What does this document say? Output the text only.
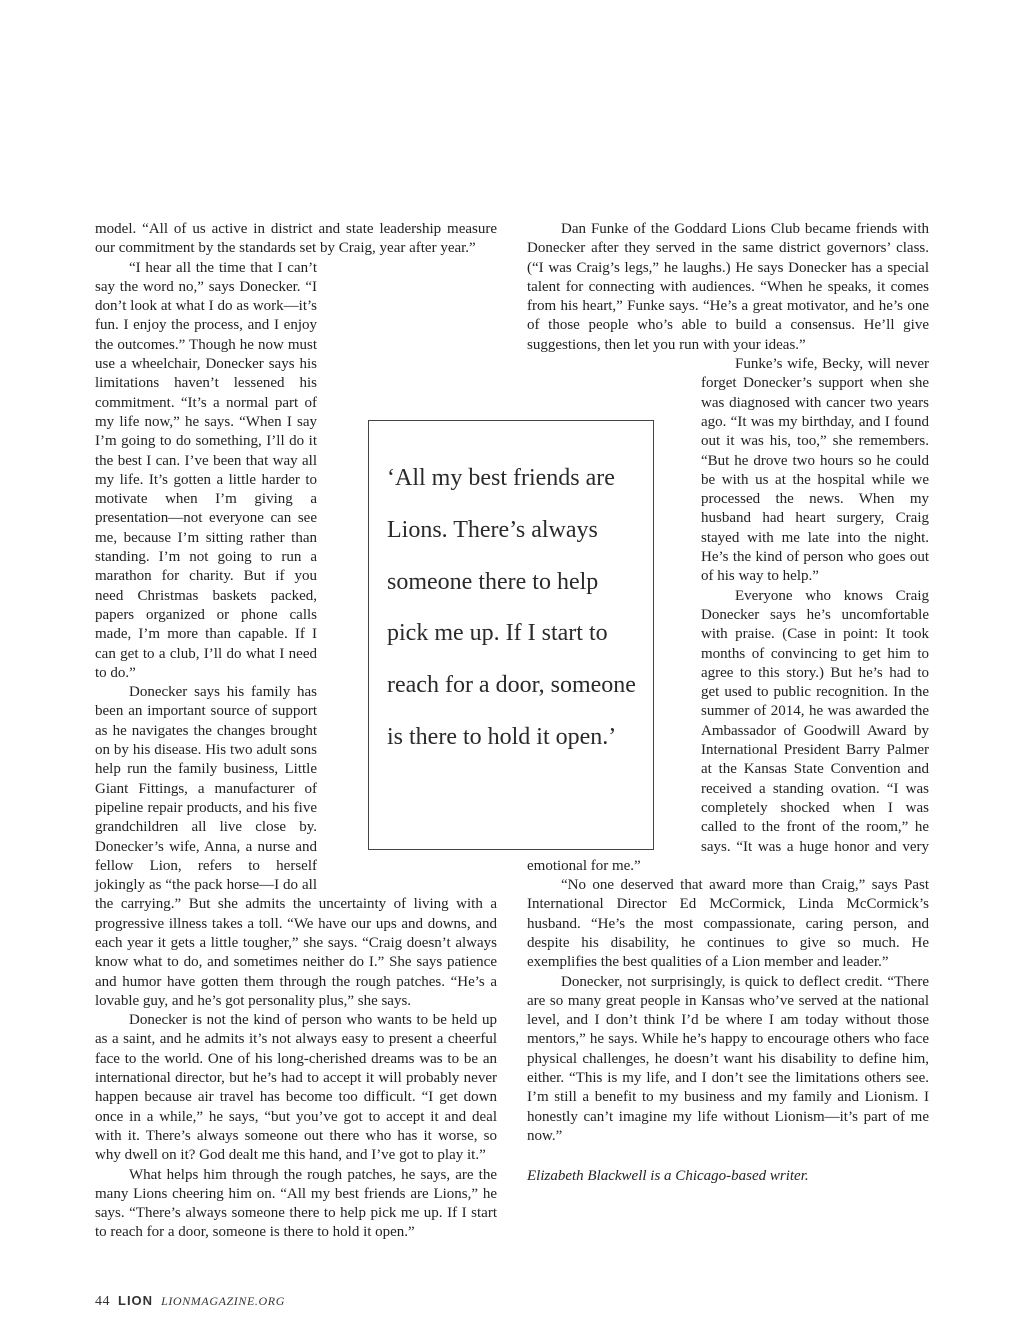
model. “All of us active in district and state leadership measure our commitment by the standards set by Craig, year after year.”

“I hear all the time that I can’t say the word no,” says Donecker. “I don’t look at what I do as work—it’s fun. I enjoy the process, and I enjoy the outcomes.” Though he now must use a wheelchair, Donecker says his limitations haven’t lessened his commitment. “It’s a normal part of my life now,” he says. “When I say I’m going to do something, I’ll do it the best I can. I’ve been that way all my life. It’s gotten a little harder to motivate when I’m giving a presentation—not everyone can see me, because I’m sitting rather than standing. I’m not going to run a marathon for charity. But if you need Christmas baskets packed, papers organized or phone calls made, I’m more than capable. If I can get to a club, I’ll do what I need to do.”

Donecker says his family has been an important source of support as he navigates the changes brought on by his disease. His two adult sons help run the family business, Little Giant Fittings, a manufacturer of pipeline repair products, and his five grandchildren all live close by. Donecker’s wife, Anna, a nurse and fellow Lion, refers to herself jokingly as “the pack horse—I do all the carrying.” But she admits the uncertainty of living with a progressive illness takes a toll. “We have our ups and downs, and each year it gets a little tougher,” she says. “Craig doesn’t always know what to do, and sometimes neither do I.” She says patience and humor have gotten them through the rough patches. “He’s a lovable guy, and he’s got personality plus,” she says.

Donecker is not the kind of person who wants to be held up as a saint, and he admits it’s not always easy to present a cheerful face to the world. One of his long-cherished dreams was to be an international director, but he’s had to accept it will probably never happen because air travel has become too difficult. “I get down once in a while,” he says, “but you’ve got to accept it and deal with it. There’s always someone out there who has it worse, so why dwell on it? God dealt me this hand, and I’ve got to play it.”

What helps him through the rough patches, he says, are the many Lions cheering him on. “All my best friends are Lions,” he says. “There’s always someone there to help pick me up. If I start to reach for a door, someone is there to hold it open.”

Dan Funke of the Goddard Lions Club became friends with Donecker after they served in the same district governors’ class. (“I was Craig’s legs,” he laughs.) He says Donecker has a special talent for connecting with audiences. “When he speaks, it comes from his heart,” Funke says. “He’s a great motivator, and he’s one of those people who’s able to build a consensus. He’ll give suggestions, then let you run with your ideas.”

Funke’s wife, Becky, will never forget Donecker’s support when she was diagnosed with cancer two years ago. “It was my birthday, and I found out it was his, too,” she remembers. “But he drove two hours so he could be with us at the hospital while we processed the news. When my husband had heart surgery, Craig stayed with me late into the night. He’s the kind of person who goes out of his way to help.”

Everyone who knows Craig Donecker says he’s uncomfortable with praise. (Case in point: It took months of convincing to get him to agree to this story.) But he’s had to get used to public recognition. In the summer of 2014, he was awarded the Ambassador of Goodwill Award by International President Barry Palmer at the Kansas State Convention and received a standing ovation. “I was completely shocked when I was called to the front of the room,” he says. “It was a huge honor and very emotional for me.”

“No one deserved that award more than Craig,” says Past International Director Ed McCormick, Linda McCormick’s husband. “He’s the most compassionate, caring person, and despite his disability, he continues to give so much. He exemplifies the best qualities of a Lion member and leader.”

Donecker, not surprisingly, is quick to deflect credit. “There are so many great people in Kansas who’ve served at the national level, and I don’t think I’d be where I am today without those mentors,” he says. While he’s happy to encourage others who face physical challenges, he doesn’t want his disability to define him, either. “This is my life, and I don’t see the limitations others see. I’m still a benefit to my business and my family and Lionism. I honestly can’t imagine my life without Lionism—it’s part of me now.”

Elizabeth Blackwell is a Chicago-based writer.

‘All my best friends are Lions. There’s always someone there to help pick me up. If I start to reach for a door, someone is there to hold it open.’
44 LION LIONMAGAZINE.ORG
